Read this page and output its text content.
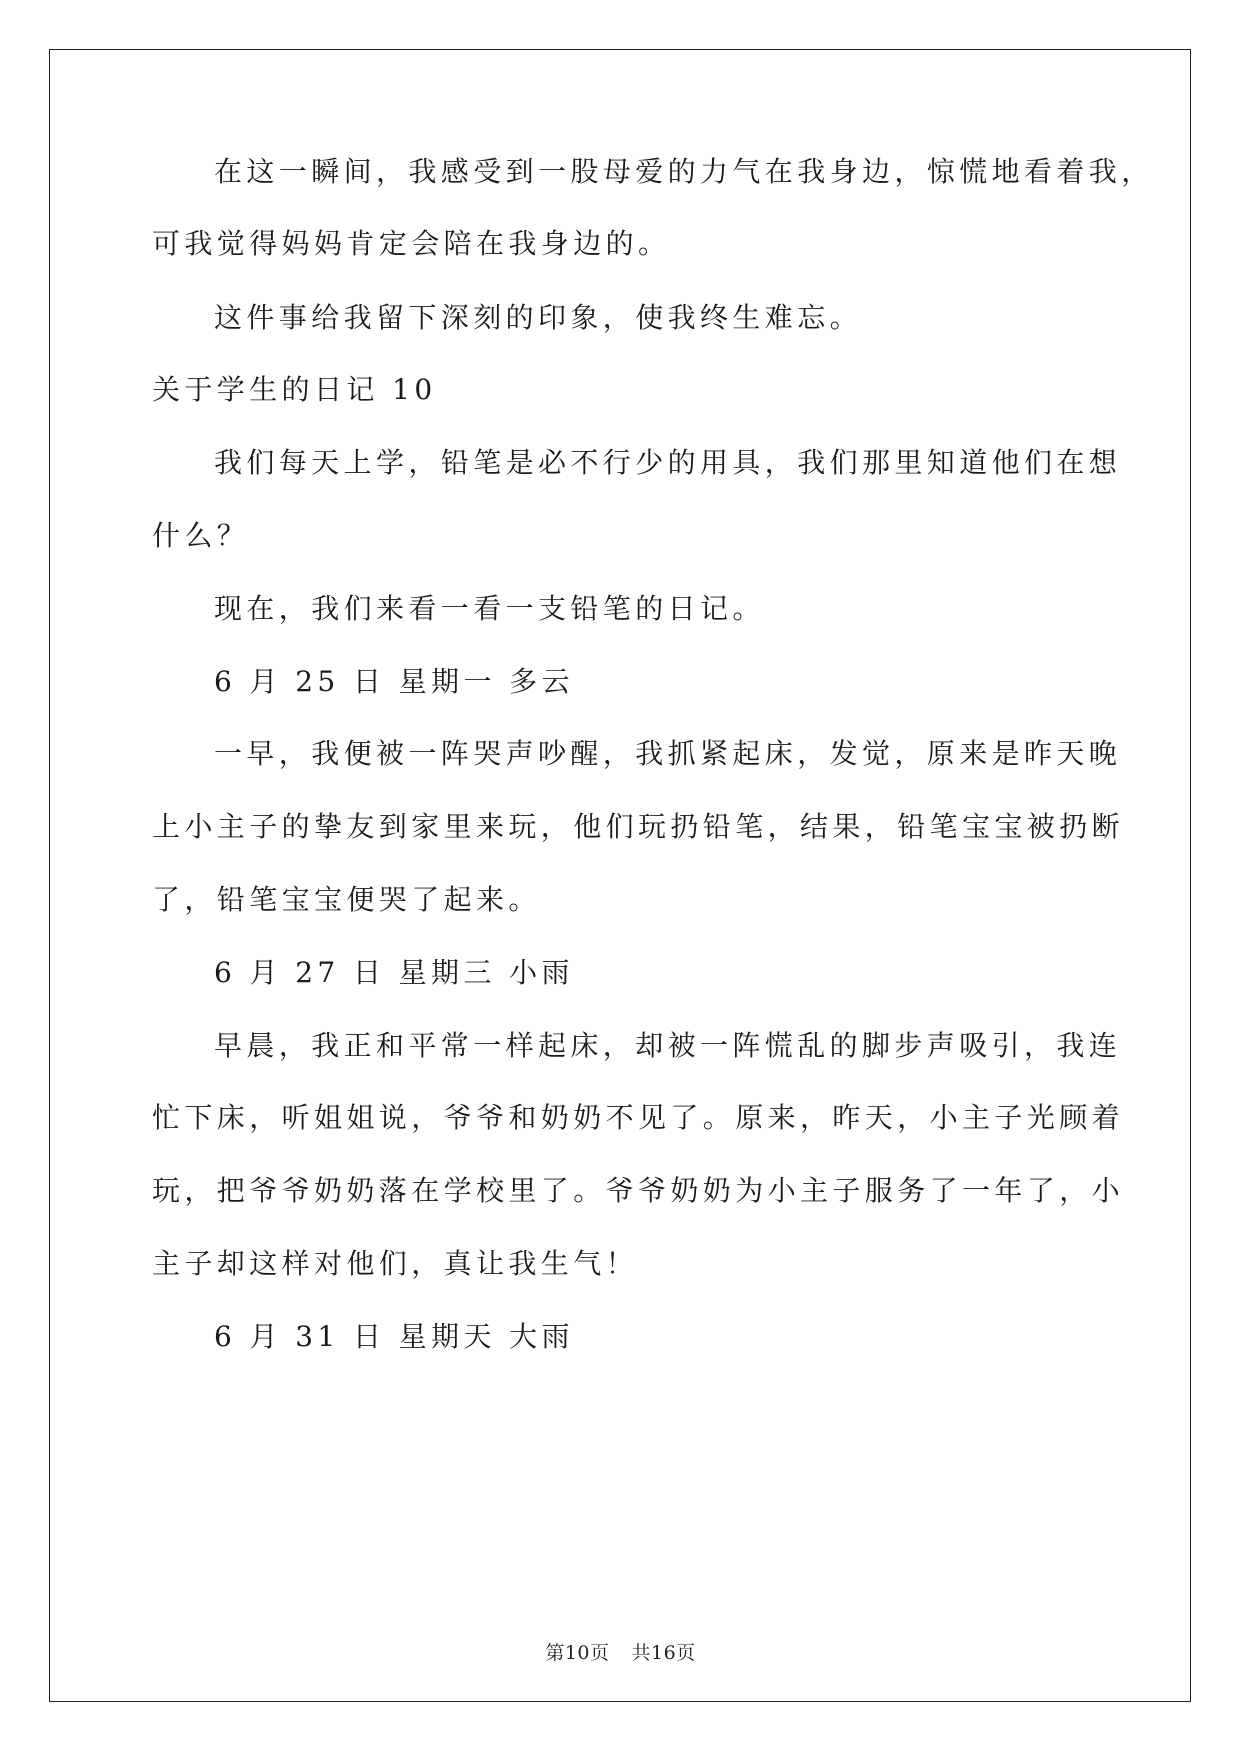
在这一瞬间，我感受到一股母爱的力气在我身边，惊慌地看着我，
可我觉得妈妈肯定会陪在我身边的。
这件事给我留下深刻的印象，使我终生难忘。
关于学生的日记 10
我们每天上学，铅笔是必不行少的用具，我们那里知道他们在想
什么？
现在，我们来看一看一支铅笔的日记。
6 月 25 日 星期一 多云
一早，我便被一阵哭声吵醒，我抓紧起床，发觉，原来是昨天晚
上小主子的挚友到家里来玩，他们玩扔铅笔，结果，铅笔宝宝被扔断
了，铅笔宝宝便哭了起来。
6 月 27 日 星期三 小雨
早晨，我正和平常一样起床，却被一阵慌乱的脚步声吸引，我连
忙下床，听姐姐说，爷爷和奶奶不见了。原来，昨天，小主子光顾着
玩，把爷爷奶奶落在学校里了。爷爷奶奶为小主子服务了一年了，小
主子却这样对他们，真让我生气！
6 月 31 日 星期天 大雨
第10页 共16页
